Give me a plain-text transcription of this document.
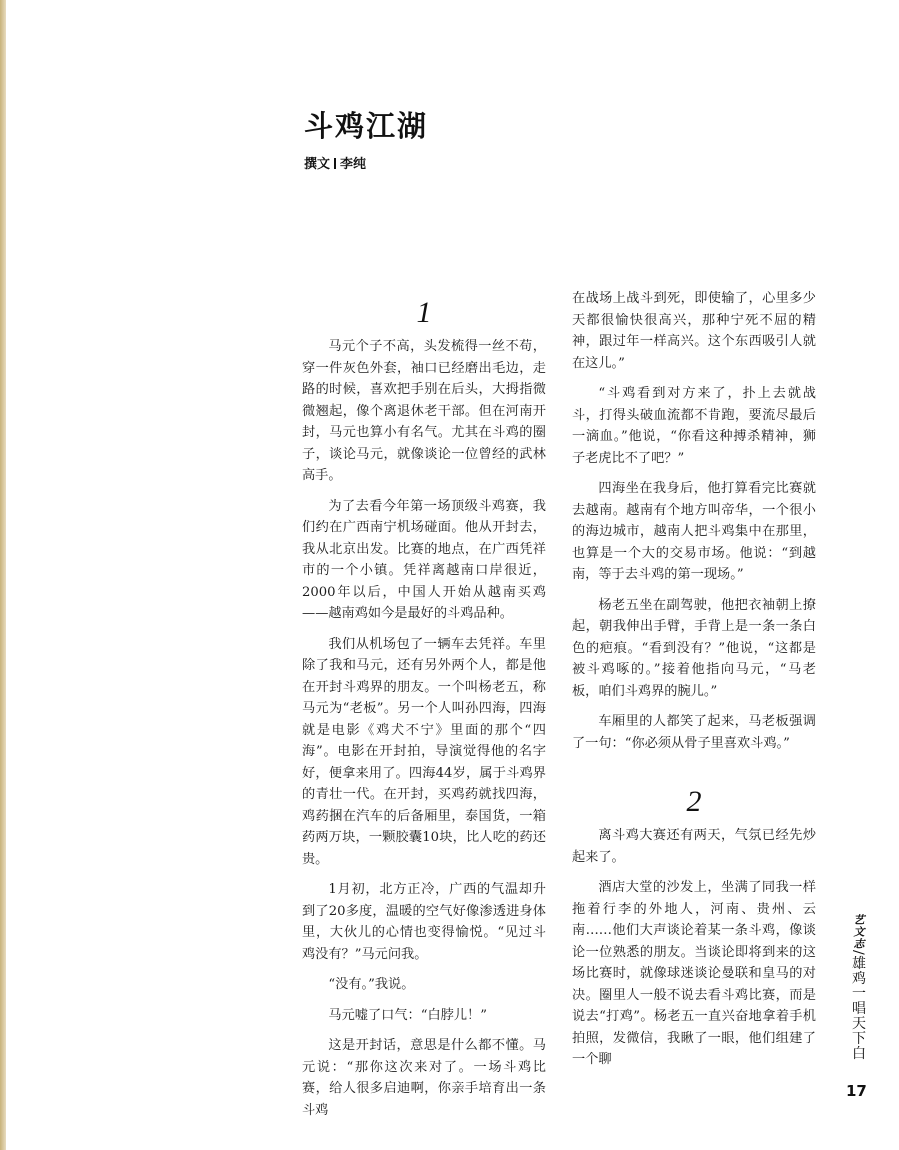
斗鸡江湖
撰文 李纯
1

马元个子不高，头发梳得一丝不苟，穿一件灰色外套，袖口已经磨出毛边，走路的时候，喜欢把手别在后头，大拇指微微翘起，像个离退休老干部。但在河南开封，马元也算小有名气。尤其在斗鸡的圈子，谈论马元，就像谈论一位曾经的武林高手。

为了去看今年第一场顶级斗鸡赛，我们约在广西南宁机场碰面。他从开封去，我从北京出发。比赛的地点，在广西凭祥市的一个小镇。凭祥离越南口岸很近，2000年以后，中国人开始从越南买鸡——越南鸡如今是最好的斗鸡品种。

我们从机场包了一辆车去凭祥。车里除了我和马元，还有另外两个人，都是他在开封斗鸡界的朋友。一个叫杨老五，称马元为“老板”。另一个人叫孙四海，四海就是电影《鸡犬不宁》里面的那个“四海”。电影在开封拍，导演觉得他的名字好，便拿来用了。四海44岁，属于斗鸡界的青壮一代。在开封，买鸡药就找四海，鸡药捆在汽车的后备厢里，泰国货，一箱药两万块，一颗胶囊10块，比人吃的药还贵。

1月初，北方正冷，广西的气温却升到了20多度，温暖的空气好像渗透进身体里，大伙儿的心情也变得愉悦。“见过斗鸡没有？”马元问我。

“没有。”我说。

马元嘘了口气：“白脖儿！”

这是开封话，意思是什么都不懂。马元说：“那你这次来对了。一场斗鸡比赛，给人很多启迪啊，你亲手培育出一条斗鸡

在战场上战斗到死，即使输了，心里多少天都很愉快很高兴，那种宁死不屈的精神，跟过年一样高兴。这个东西吸引人就在这儿。”

“斗鸡看到对方来了，扑上去就战斗，打得头破血流都不肯跑，要流尽最后一滴血。”他说，“你看这种搏杀精神，狮子老虎比不了吧？”

四海坐在我身后，他打算看完比赛就去越南。越南有个地方叫帝华，一个很小的海边城市，越南人把斗鸡集中在那里，也算是一个大的交易市场。他说：“到越南，等于去斗鸡的第一现场。”

杨老五坐在副驾驶，他把衣袖朝上撩起，朝我伸出手臂，手背上是一条一条白色的疤痕。“看到没有？”他说，“这都是被斗鸡啄的。”接着他指向马元，“马老板，咱们斗鸡界的腕儿。”

车厢里的人都笑了起来，马老板强调了一句：“你必须从骨子里喜欢斗鸡。”

2

离斗鸡大赛还有两天，气氛已经先炒起来了。

酒店大堂的沙发上，坐满了同我一样拖着行李的外地人，河南、贵州、云南……他们大声谈论着某一条斗鸡，像谈论一位熟悉的朋友。当谈论即将到来的这场比赛时，就像球迷谈论曼联和皇马的对决。圈里人一般不说去看斗鸡比赛，而是说去“打鸡”。杨老五一直兴奋地拿着手机拍照，发微信，我瞅了一眼，他们组建了一个聊

艺文志/雄鸡一唱天下白
17
